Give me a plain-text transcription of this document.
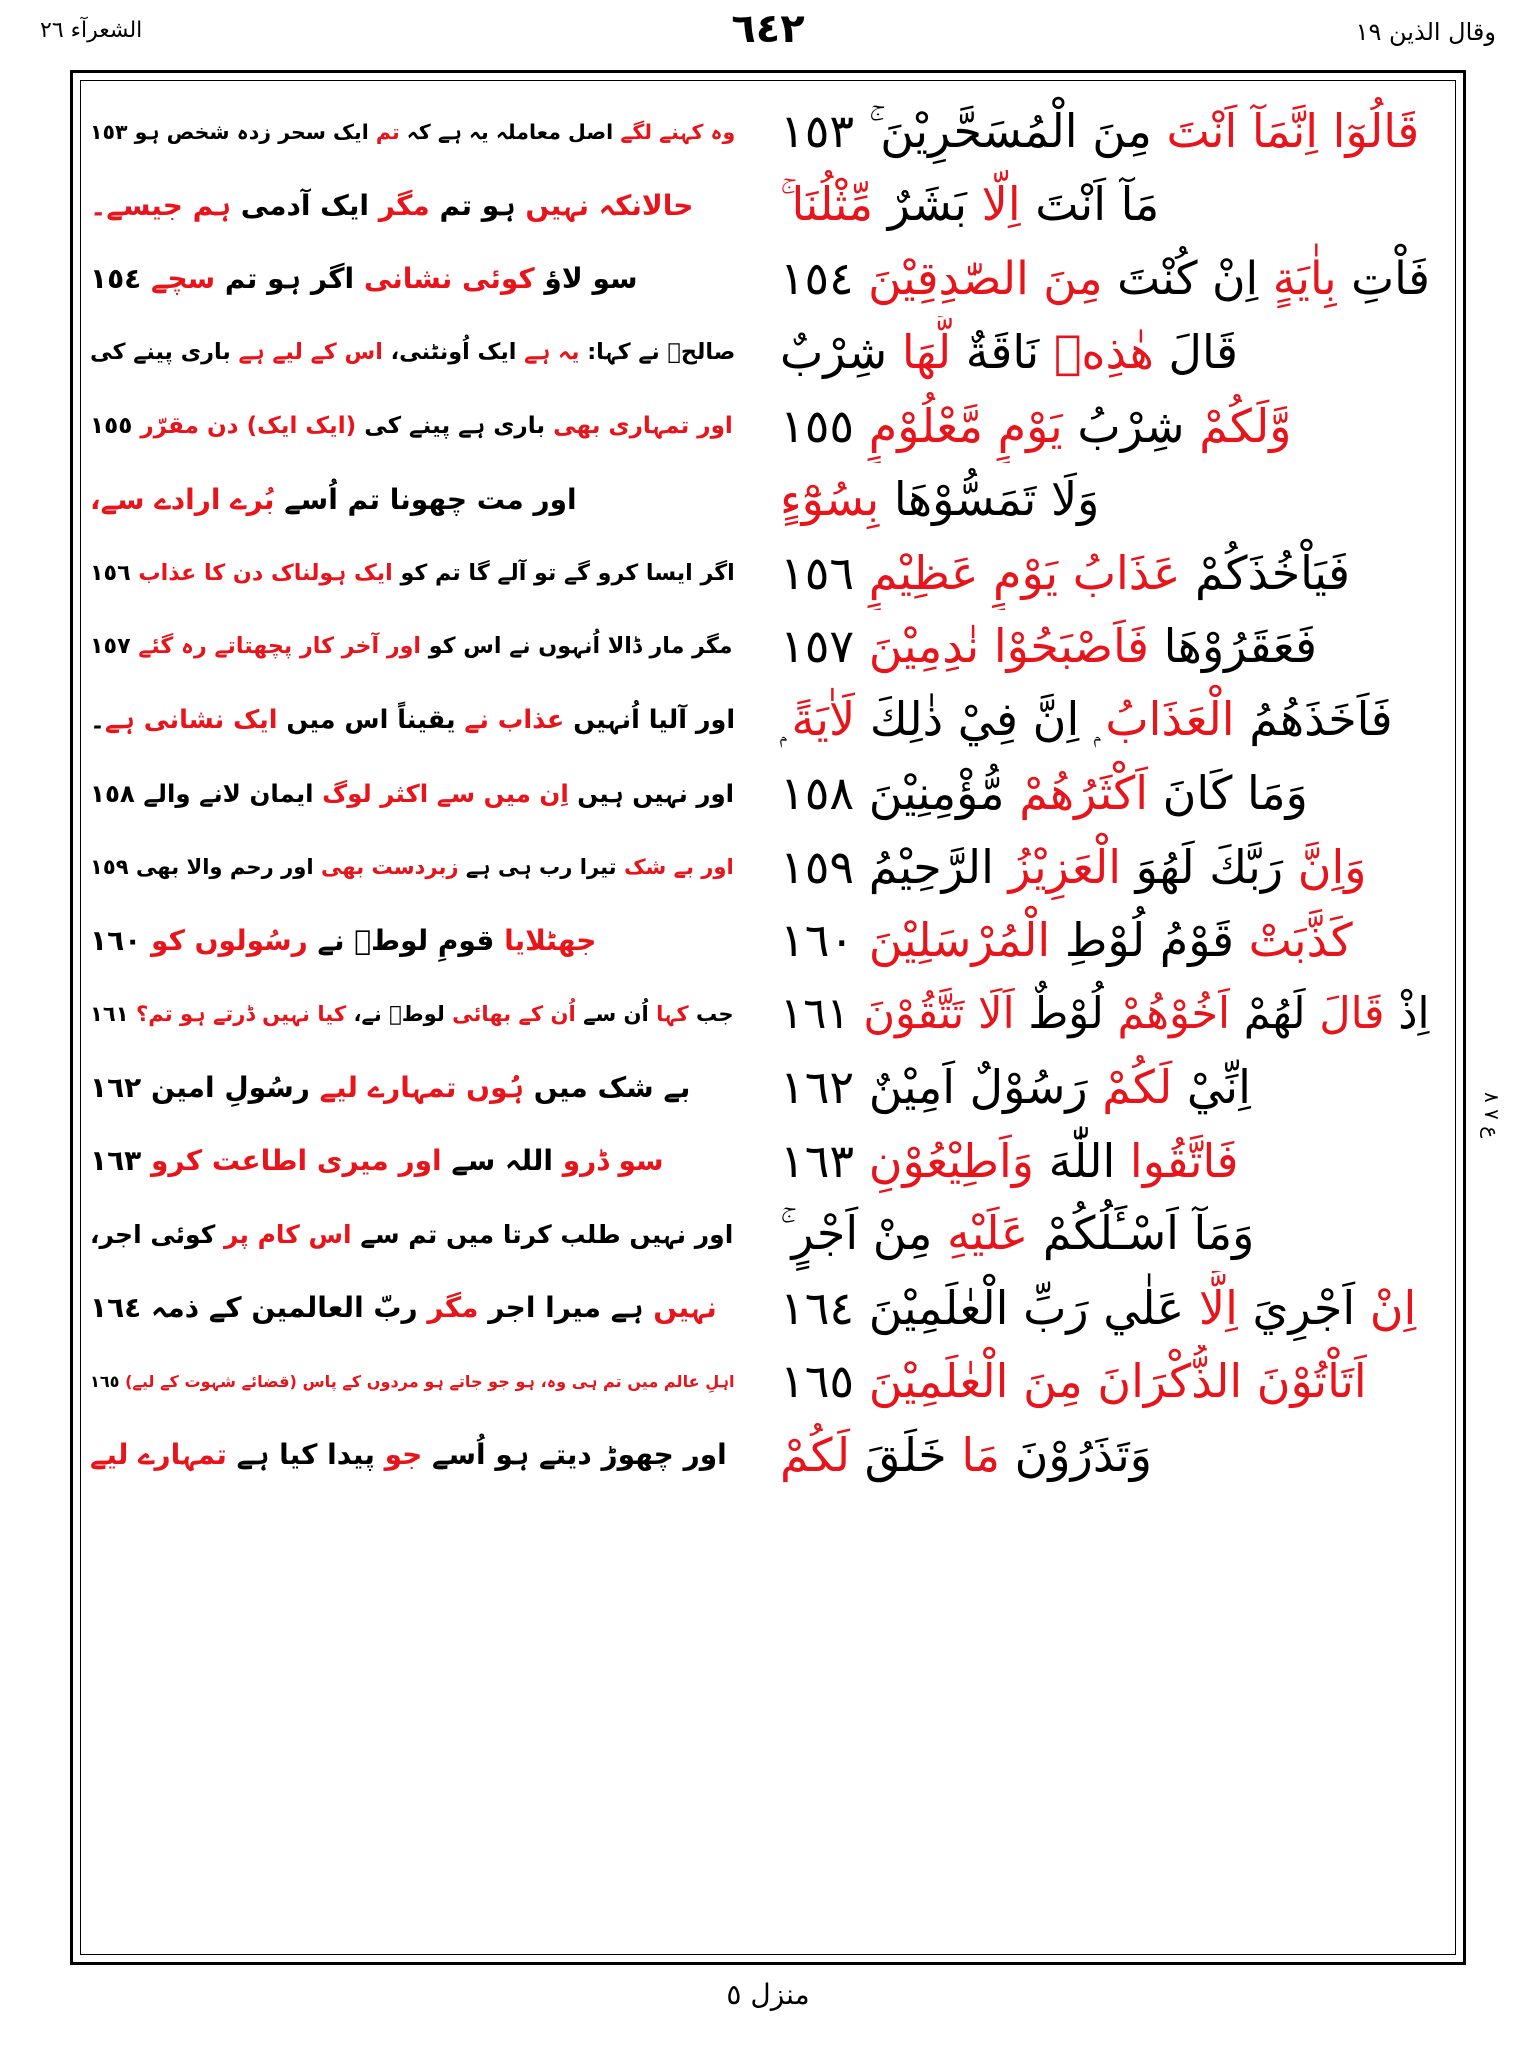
الشعرآء ٢٦	٦٤٢	وقال الذين ١٩
وہ کہنے لگے اصل معاملہ یہ ہے کہ تم ایک سحر زدہ شخص ہو ١٥٣
حالانکہ نہیں ہو تم مگر ایک آدمی ہم جیسے۔
سو لاؤ کوئی نشانی اگر ہو تم سچے ١٥٤
صالحؑ نے کہا: یہ ہے ایک اُونٹنی، اس کے لیے ہے باری پینے کی
اور تمہاری بھی باری ہے پینے کی (ایک ایک) دن مقرّر ١٥٥
اور مت چھونا تم اُسے بُرے ارادے سے،
اگر ایسا کرو گے تو آلے گا تم کو ایک ہولناک دن کا عذاب ١٥٦
مگر مار ڈالا اُنہوں نے اس کو اور آخر کار پچھتاتے رہ گئے ١٥٧
اور آلیا اُنہیں عذاب نے یقیناً اس میں ایک نشانی ہے۔
اور نہیں ہیں اِن میں سے اکثر لوگ ایمان لانے والے ١٥٨
اور بے شک تیرا رب ہی ہے زبردست بھی اور رحم والا بھی ١٥٩
جھٹلایا قومِ لوطؑ نے رسُولوں کو ١٦٠
جب کہا اُن سے اُن کے بھائی لوطؑ نے، کیا نہیں ڈرتے ہو تم؟ ١٦١
بے شک میں ہُوں تمہارے لیے رسُولِ امین ١٦٢
سو ڈرو اللہ سے اور میری اطاعت کرو ١٦٣
اور نہیں طلب کرتا میں تم سے اس کام پر کوئی اجر،
نہیں ہے میرا اجر مگر ربّ العالمین کے ذمہ ١٦٤
اہلِ عالم میں تم ہی وہ، ہو جو جاتے ہو مردوں کے پاس (قضائے شہوت کے لیے) ١٦٥
اور چھوڑ دیتے ہو اُسے جو پیدا کیا ہے تمہارے لیے
قَالُوٓا اِنَّمَآ اَنْتَ مِنَ الْمُسَحَّرِيْنَ ۚ ١٥٣
مَآ اَنْتَ اِلَّا بَشَرٌ مِّثْلُنَا ۚ
فَاْتِ بِاٰيَةٍ اِنْ كُنْتَ مِنَ الصّٰدِقِيْنَ ١٥٤
قَالَ هٰذِهٖ نَاقَةٌ لَّهَا شِرْبٌ
وَّلَكُمْ شِرْبُ يَوْمٍ مَّعْلُوْمٍ ١٥٥
وَلَا تَمَسُّوْهَا بِسُوْٓءٍ
فَيَاْخُذَكُمْ عَذَابُ يَوْمٍ عَظِيْمٍ ١٥٦
فَعَقَرُوْهَا فَاَصْبَحُوْا نٰدِمِيْنَ ١٥٧
فَاَخَذَهُمُ الْعَذَابُ ۭ اِنَّ فِيْ ذٰلِكَ لَاٰيَةً ۭ
وَمَا كَانَ اَكْثَرُهُمْ مُّؤْمِنِيْنَ ١٥٨
وَاِنَّ رَبَّكَ لَهُوَ الْعَزِيْزُ الرَّحِيْمُ ١٥٩
كَذَّبَتْ قَوْمُ لُوْطِ الْمُرْسَلِيْنَ ١٦٠
اِذْ قَالَ لَهُمْ اَخُوْهُمْ لُوْطٌ اَلَا تَتَّقُوْنَ ١٦١
اِنِّيْ لَكُمْ رَسُوْلٌ اَمِيْنٌ ١٦٢
فَاتَّقُوا اللّٰهَ وَاَطِيْعُوْنِ ١٦٣
وَمَآ اَسْـَٔلُكُمْ عَلَيْهِ مِنْ اَجْرٍ ۚ
اِنْ اَجْرِيَ اِلَّا عَلٰي رَبِّ الْعٰلَمِيْنَ ١٦٤
اَتَاْتُوْنَ الذُّكْرَانَ مِنَ الْعٰلَمِيْنَ ١٦٥
وَتَذَرُوْنَ مَا خَلَقَ لَكُمْ
ع ٧ ٨
منزل ٥
